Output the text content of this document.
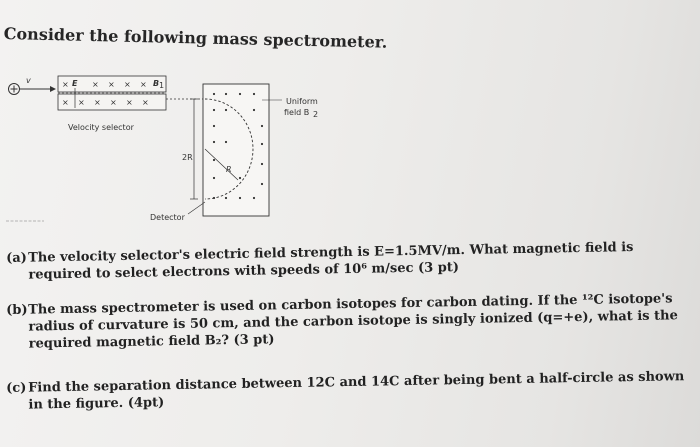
Consider the following mass spectrometer.
v	×	× × × ×
× × × × × ×
E	B 1
Velocity selector
R
2R
Uniform
field B 2
Detector
(a) The velocity selector's electric field strength is E=1.5MV/m. What magnetic field is required to select electrons with speeds of 10⁶ m/sec (3 pt)
(b) The mass spectrometer is used on carbon isotopes for carbon dating. If the ¹²C isotope's radius of curvature is 50 cm, and the carbon isotope is singly ionized (q=+e), what is the required magnetic field B₂? (3 pt)
(c) Find the separation distance between 12C and 14C after being bent a half-circle as shown in the figure. (4pt)
